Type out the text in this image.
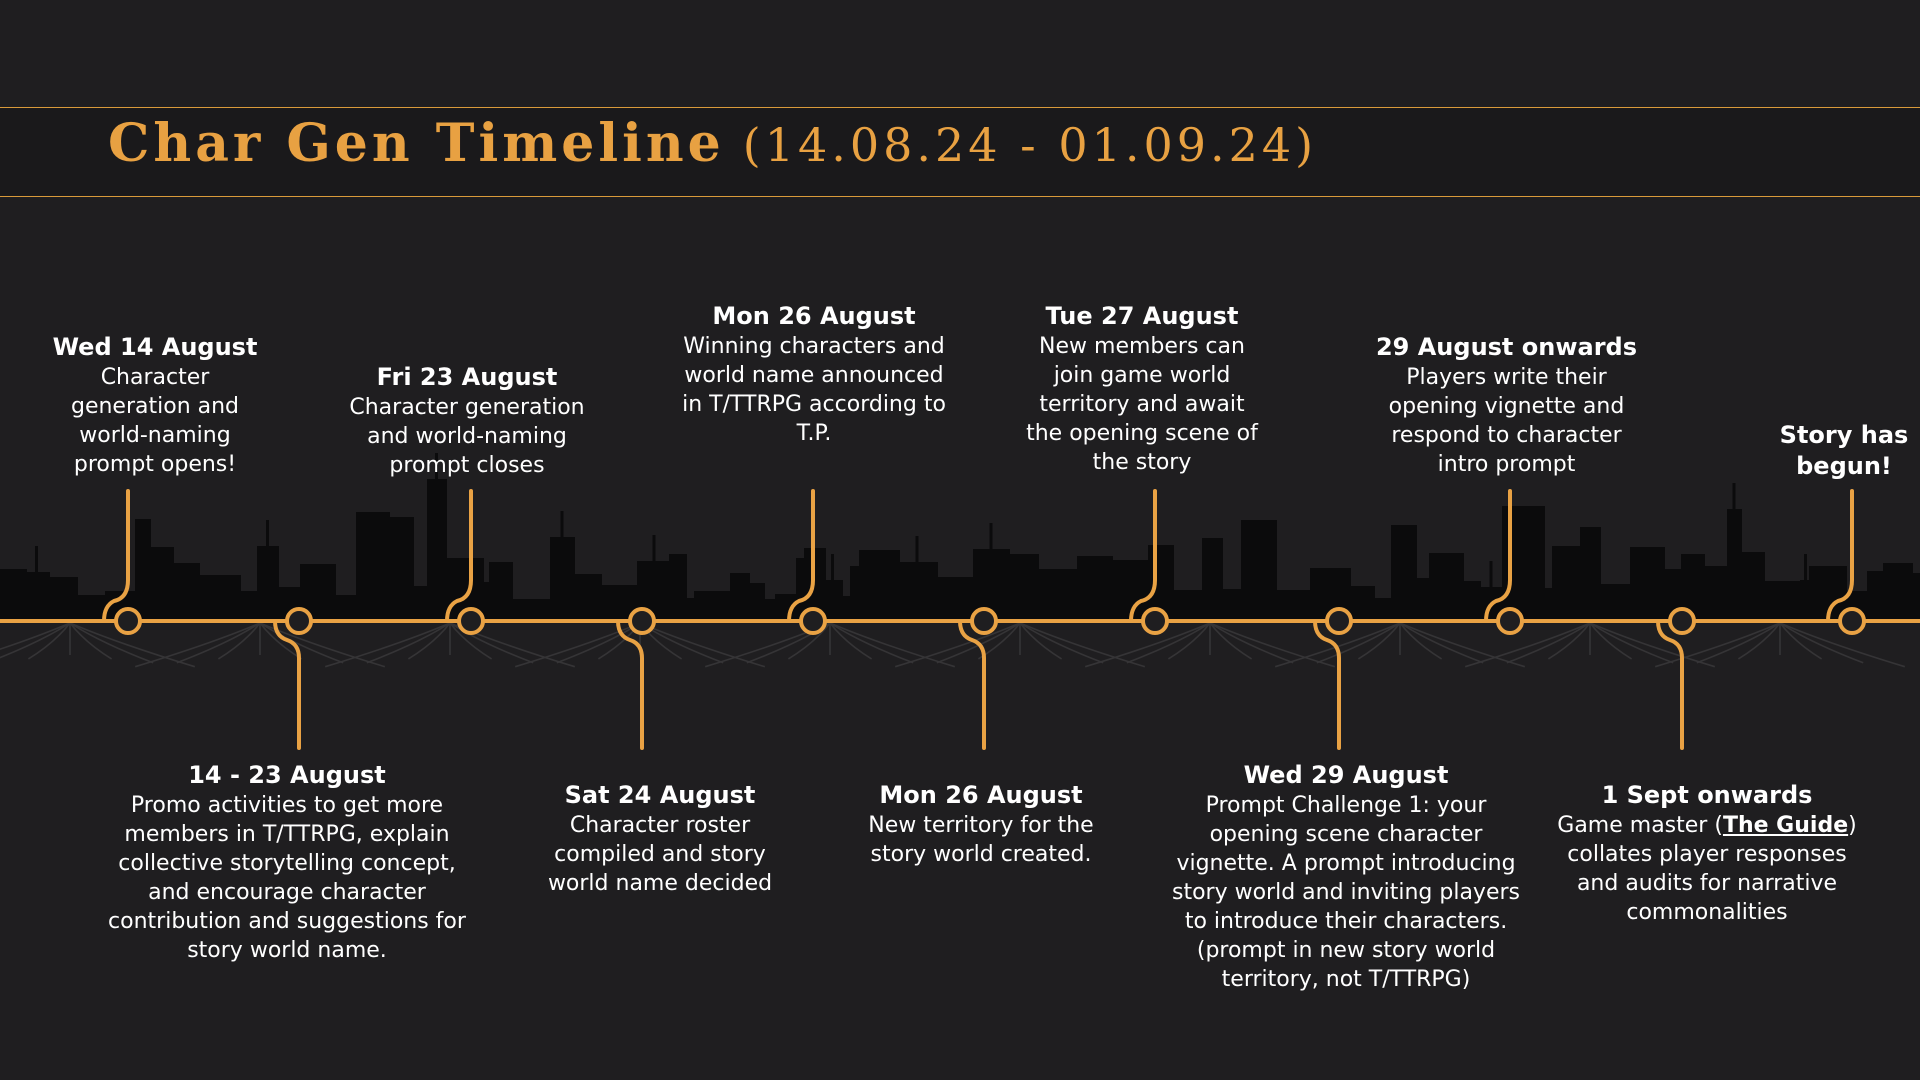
Char Gen Timeline (14.08.24 - 01.09.24)
Wed 14 August
Character generation and world-naming prompt opens!
Fri 23 August
Character generation and world-naming prompt closes
Mon 26 August
Winning characters and world name announced in T/TTRPG according to T.P.
Tue 27 August
New members can join game world territory and await the opening scene of the story
29 August onwards
Players write their opening vignette and respond to character intro prompt
Story has begun!
14 - 23 August
Promo activities to get more members in T/TTRPG, explain collective storytelling concept, and encourage character contribution and suggestions for story world name.
Sat 24 August
Character roster compiled and story world name decided
Mon 26 August
New territory for the story world created.
Wed 29 August
Prompt Challenge 1: your opening scene character vignette. A prompt introducing story world and inviting players to introduce their characters. (prompt in new story world territory, not T/TTRPG)
1 Sept onwards
Game master (The Guide) collates player responses and audits for narrative commonalities
